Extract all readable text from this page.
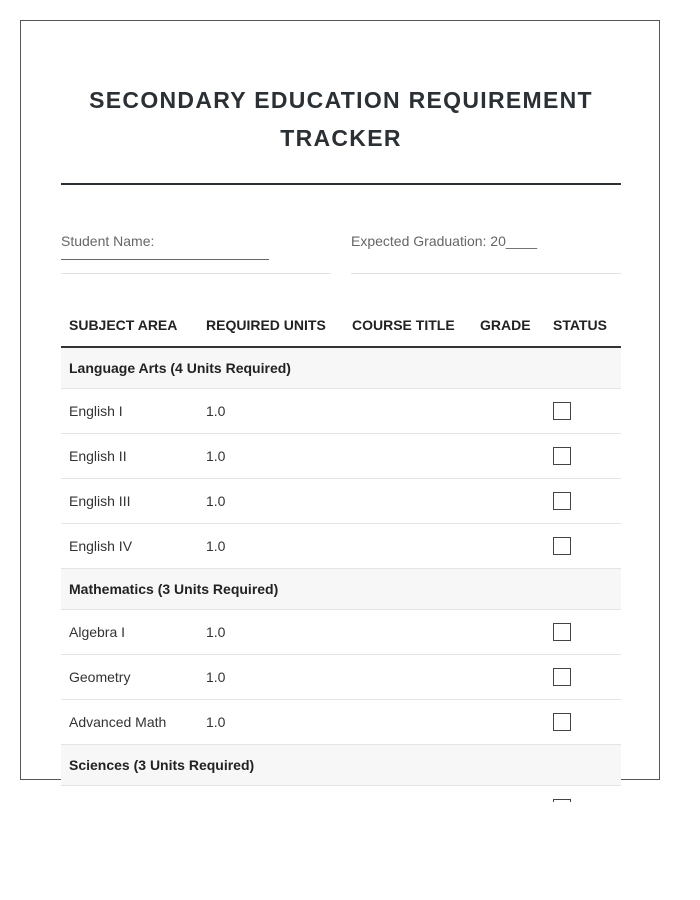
SECONDARY EDUCATION REQUIREMENT TRACKER
Student Name:	Expected Graduation: 20____
SUBJECT AREA	REQUIRED UNITS	COURSE TITLE	GRADE	STATUS
Language Arts (4 Units Required)				
English I	1.0			
English II	1.0			
English III	1.0			
English IV	1.0			
Mathematics (3 Units Required)				
Algebra I	1.0			
Geometry	1.0			
Advanced Math	1.0			
Sciences (3 Units Required)				
